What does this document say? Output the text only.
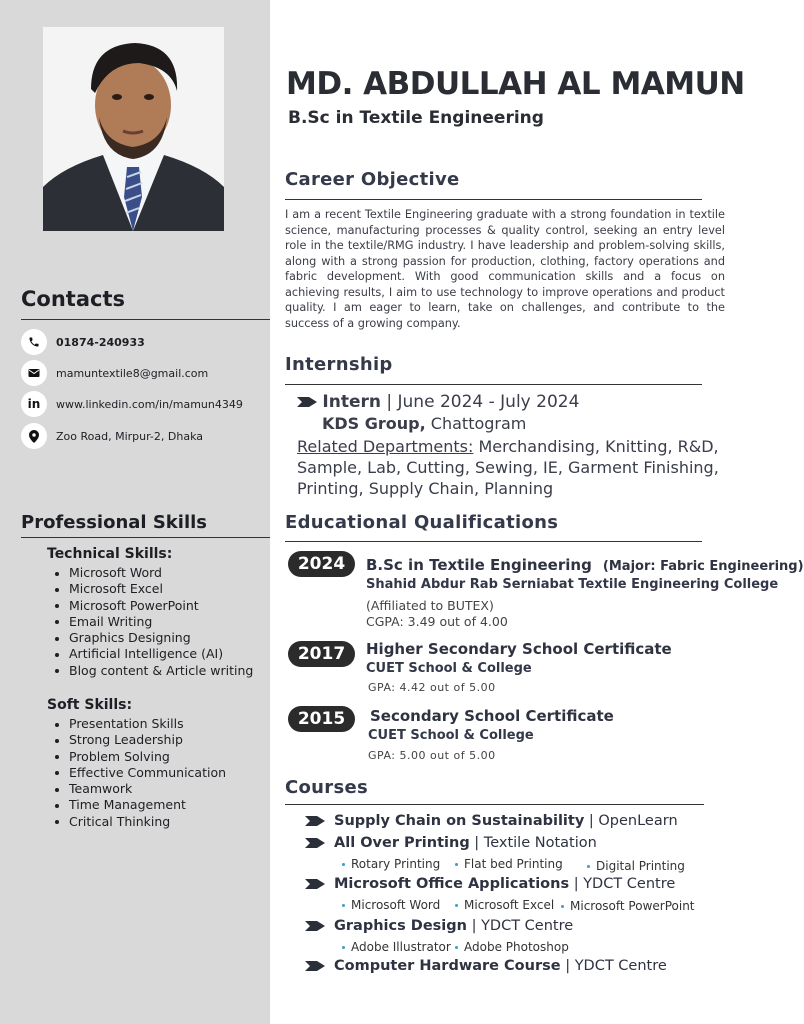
Contacts
01874-240933
mamuntextile8@gmail.com
in www.linkedin.com/in/mamun4349
Zoo Road, Mirpur-2, Dhaka
Professional Skills
Technical Skills:
Microsoft Word
Microsoft Excel
Microsoft PowerPoint
Email Writing
Graphics Designing
Artificial Intelligence (AI)
Blog content & Article writing
Soft Skills:
Presentation Skills
Strong Leadership
Problem Solving
Effective Communication
Teamwork
Time Management
Critical Thinking
MD. ABDULLAH AL MAMUN
B.Sc in Textile Engineering
Career Objective
I am a recent Textile Engineering graduate with a strong foundation in textile science, manufacturing processes & quality control, seeking an entry level role in the textile/RMG industry. I have leadership and problem-solving skills, along with a strong passion for production, clothing, factory operations and fabric development. With good communication skills and a focus on achieving results, I aim to use technology to improve operations and product quality. I am eager to learn, take on challenges, and contribute to the success of a growing company.
Internship
Intern | June 2024 - July 2024
KDS Group, Chattogram
Related Departments: Merchandising, Knitting, R&D, Sample, Lab, Cutting, Sewing, IE, Garment Finishing, Printing, Supply Chain, Planning
Educational Qualifications
2024	B.Sc in Textile Engineering (Major: Fabric Engineering)
Shahid Abdur Rab Serniabat Textile Engineering College
(Affiliated to BUTEX)
CGPA: 3.49 out of 4.00
2017	Higher Secondary School Certificate
CUET School & College
GPA: 4.42 out of 5.00
2015	Secondary School Certificate
CUET School & College
GPA: 5.00 out of 5.00
Courses
Supply Chain on Sustainability | OpenLearn
All Over Printing | Textile Notation
Rotary Printing Flat bed Printing	Digital Printing
Microsoft Office Applications | YDCT Centre
Microsoft Word Microsoft Excel Microsoft PowerPoint
Graphics Design | YDCT Centre
Adobe Illustrator Adobe Photoshop
Computer Hardware Course | YDCT Centre
